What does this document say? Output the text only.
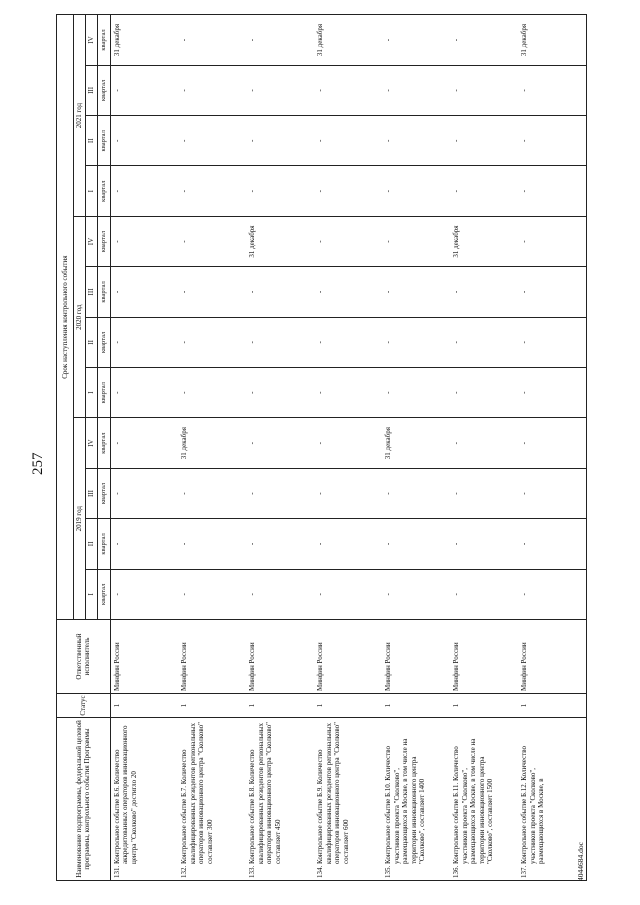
257
Наименование подпрограммы, федеральной целевой программы, контрольного события Программы	Статус	Ответственный исполнитель	Срок наступления контрольного события											
			2019 год				2020 год				2021 год			
			I	II	III	IV	I	II	III	IV	I	II	III	IV
			квартал	квартал	квартал	квартал	квартал	квартал	квартал	квартал	квартал	квартал	квартал	квартал
131.Контрольное событие Б.6. Количество аккредитованных операторов инновационного центра "Сколково" достигло 20	1	Минфин России	-	-	-	-	-	-	-	-	-	-	-	31 декабря
132.Контрольное событие Б.7. Количество квалифицированных резидентов региональных операторов инновационного центра "Сколково" составляет 300	1	Минфин России	-	-	-	31 декабря	-	-	-	-	-	-	-	-
133.Контрольное событие Б.8. Количество квалифицированных резидентов региональных операторов инновационного центра "Сколково" составляет 450	1	Минфин России	-	-	-	-	-	-	-	31 декабря	-	-	-	-
134.Контрольное событие Б.9. Количество квалифицированных резидентов региональных операторов инновационного центра "Сколково" составляет 600	1	Минфин России	-	-	-	-	-	-	-	-	-	-	-	31 декабря
135.Контрольное событие Б.10. Количество участников проекта "Сколково", размещающихся в Москве, в том числе на территории инновационного центра "Сколково", составляет 1400	1	Минфин России	-	-	-	31 декабря	-	-	-	-	-	-	-	-
136.Контрольное событие Б.11. Количество участников проекта "Сколково", размещающихся в Москве, в том числе на территории инновационного центра "Сколково", составляет 1500	1	Минфин России	-	-	-	-	-	-	-	31 декабря	-	-	-	-
137.Контрольное событие Б.12. Количество участников проекта "Сколково", размещающихся в Москве, в	1	Минфин России	-	-	-	-	-	-	-	-	-	-	-	31 декабря
4044684.doc
